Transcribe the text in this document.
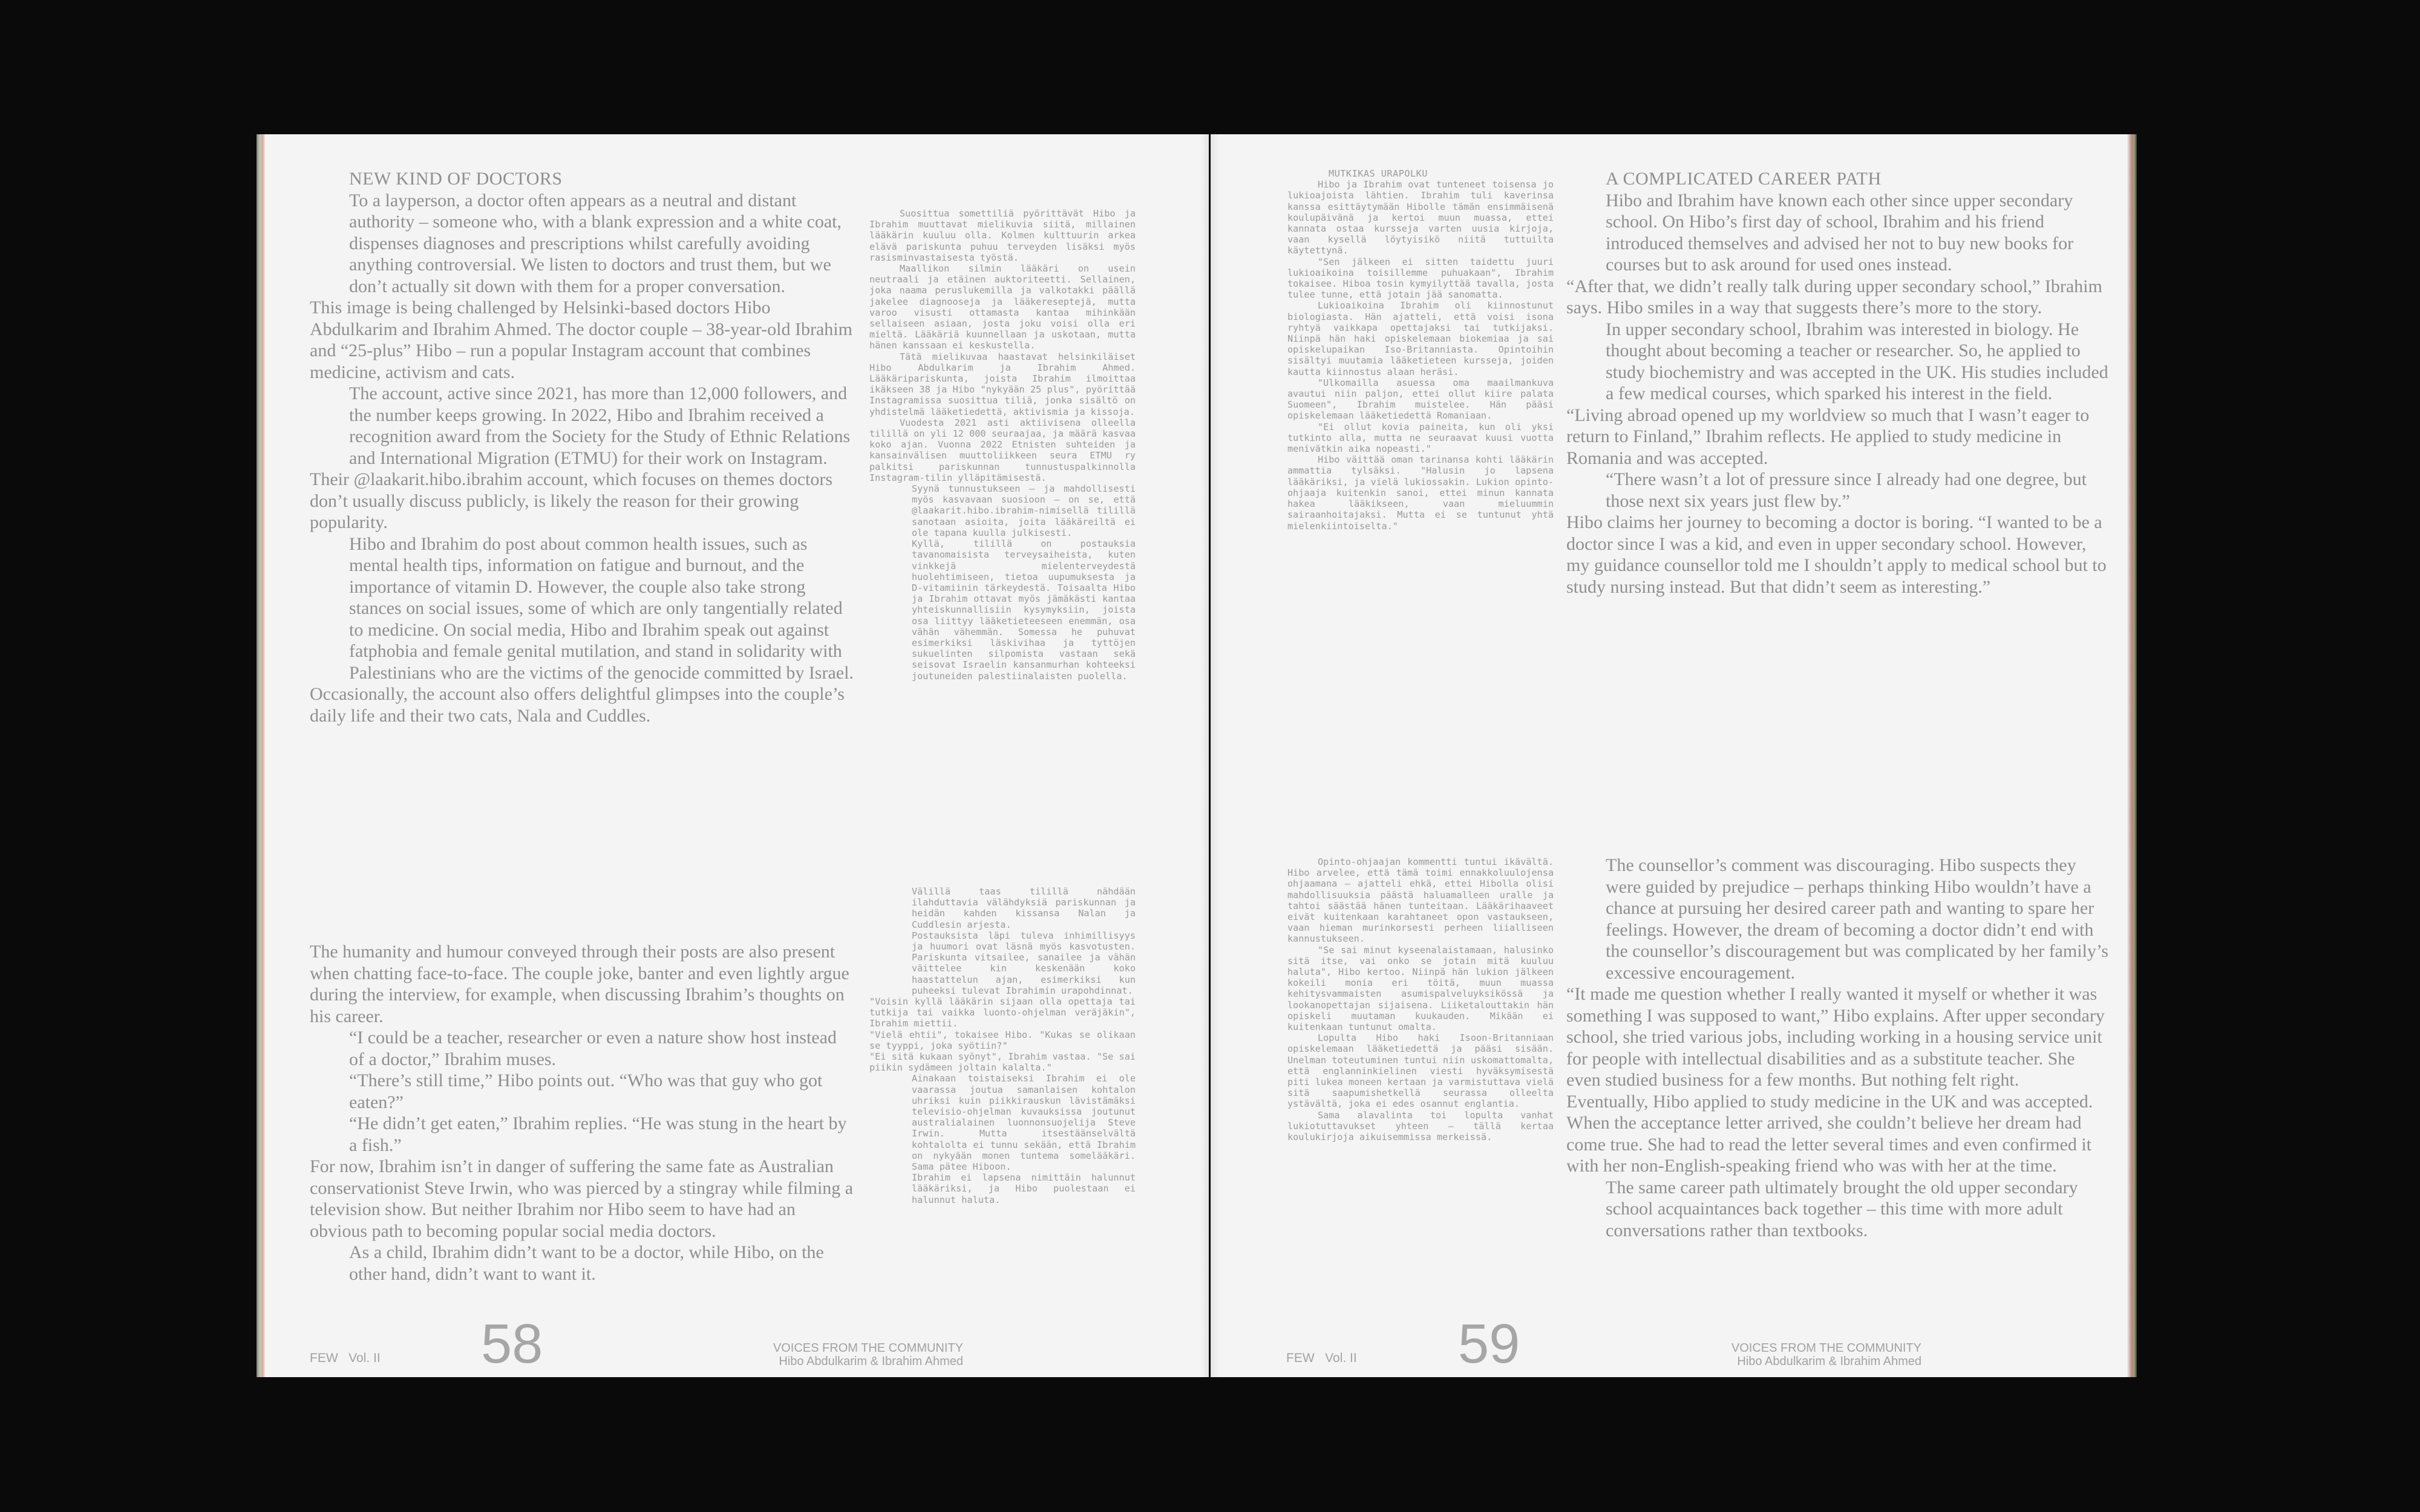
NEW KIND OF DOCTORS

To a layperson, a doctor often appears as a neutral and distant authority – someone who, with a blank expression and a white coat, dispenses diagnoses and prescriptions whilst carefully avoiding anything controversial. We listen to doctors and trust them, but we don’t actually sit down with them for a proper conversation.

This image is being challenged by Helsinki-based doctors Hibo Abdulkarim and Ibrahim Ahmed. The doctor couple – 38-year-old Ibrahim and “25-plus” Hibo – run a popular Instagram account that combines medicine, activism and cats.

The account, active since 2021, has more than 12,000 followers, and the number keeps growing. In 2022, Hibo and Ibrahim received a recognition award from the Society for the Study of Ethnic Relations and International Migration (ETMU) for their work on Instagram.

Their @laakarit.hibo.ibrahim account, which focuses on themes doctors don’t usually discuss publicly, is likely the reason for their growing popularity.

Hibo and Ibrahim do post about common health issues, such as mental health tips, information on fatigue and burnout, and the importance of vitamin D. However, the couple also take strong stances on social issues, some of which are only tangentially related to medicine. On social media, Hibo and Ibrahim speak out against fatphobia and female genital mutilation, and stand in solidarity with Palestinians who are the victims of the genocide committed by Israel.

Occasionally, the account also offers delightful glimpses into the couple’s daily life and their two cats, Nala and Cuddles.

Suosittua somettiliä pyörittävät Hibo ja Ibrahim muuttavat mielikuvia siitä, millainen lääkärin kuuluu olla. Kolmen kulttuurin arkea elävä pariskunta puhuu terveyden lisäksi myös rasisminvastaisesta työstä.

Maallikon silmin lääkäri on usein neutraali ja etäinen auktoriteetti. Sellainen, joka naama peruslukemilla ja valkotakki päällä jakelee diagnooseja ja lääkereseptejä, mutta varoo visusti ottamasta kantaa mihinkään sellaiseen asiaan, josta joku voisi olla eri mieltä. Lääkäriä kuunnellaan ja uskotaan, mutta hänen kanssaan ei keskustella.

Tätä mielikuvaa haastavat helsinkiläiset Hibo Abdulkarim ja Ibrahim Ahmed. Lääkäripariskunta, joista Ibrahim ilmoittaa ikäkseen 38 ja Hibo "nykyään 25 plus", pyörittää Instagramissa suosittua tiliä, jonka sisältö on yhdistelmä lääketiedettä, aktivismia ja kissoja.

Vuodesta 2021 asti aktiivisena olleella tilillä on yli 12 000 seuraajaa, ja määrä kasvaa koko ajan. Vuonna 2022 Etnisten suhteiden ja kansainvälisen muuttoliikkeen seura ETMU ry palkitsi pariskunnan tunnustuspalkinnolla Instagram-tilin ylläpitämisestä.

Syynä tunnustukseen – ja mahdollisesti myös kasvavaan suosioon – on se, että @laakarit.hibo.ibrahim-nimisellä tilillä sanotaan asioita, joita lääkäreiltä ei ole tapana kuulla julkisesti.

Kyllä, tilillä on postauksia tavanomaisista terveysaiheista, kuten vinkkejä mielenterveydestä huolehtimiseen, tietoa uupumuksesta ja D-vitamiinin tärkeydestä. Toisaalta Hibo ja Ibrahim ottavat myös jämäkästi kantaa yhteiskunnallisiin kysymyksiin, joista osa liittyy lääketieteeseen enemmän, osa vähän vähemmän. Somessa he puhuvat esimerkiksi läskivihaa ja tyttöjen sukuelinten silpomista vastaan sekä seisovat Israelin kansanmurhan kohteeksi joutuneiden palestiinalaisten puolella.

The humanity and humour conveyed through their posts are also present when chatting face-to-face. The couple joke, banter and even lightly argue during the interview, for example, when discussing Ibrahim’s thoughts on his career.

“I could be a teacher, researcher or even a nature show host instead of a doctor,” Ibrahim muses.

“There’s still time,” Hibo points out. “Who was that guy who got eaten?”

“He didn’t get eaten,” Ibrahim replies. “He was stung in the heart by a fish.”

For now, Ibrahim isn’t in danger of suffering the same fate as Australian conservationist Steve Irwin, who was pierced by a stingray while filming a television show. But neither Ibrahim nor Hibo seem to have had an obvious path to becoming popular social media doctors.

As a child, Ibrahim didn’t want to be a doctor, while Hibo, on the other hand, didn’t want to want it.

Välillä taas tilillä nähdään ilahduttavia välähdyksiä pariskunnan ja heidän kahden kissansa Nalan ja Cuddlesin arjesta.

Postauksista läpi tuleva inhimillisyys ja huumori ovat läsnä myös kasvotusten. Pariskunta vitsailee, sanailee ja vähän väittelee kin keskenään koko haastattelun ajan, esimerkiksi kun puheeksi tulevat Ibrahimin urapohdinnat.

"Voisin kyllä lääkärin sijaan olla opettaja tai tutkija tai vaikka luonto-ohjelman veräjäkin", Ibrahim miettii.

"Vielä ehtii", tokaisee Hibo. "Kukas se olikaan se tyyppi, joka syötiin?"

"Ei sitä kukaan syönyt", Ibrahim vastaa. "Se sai piikin sydämeen joltain kalalta."

Ainakaan toistaiseksi Ibrahim ei ole vaarassa joutua samanlaisen kohtalon uhriksi kuin piikkirauskun lävistämäksi televisio-ohjelman kuvauksissa joutunut australialainen luonnonsuojelija Steve Irwin. Mutta itsestäänselvältä kohtalolta ei tunnu sekään, että Ibrahim on nykyään monen tuntema somelääkäri. Sama pätee Hiboon.

Ibrahim ei lapsena nimittäin halunnut lääkäriksi, ja Hibo puolestaan ei halunnut haluta.

FEW Vol. II 58	VOICES FROM THE COMMUNITY
Hibo Abdulkarim & Ibrahim Ahmed

MUTKIKAS URAPOLKU

Hibo ja Ibrahim ovat tunteneet toisensa jo lukioajoista lähtien. Ibrahim tuli kaverinsa kanssa esittäytymään Hibolle tämän ensimmäisenä koulupäivänä ja kertoi muun muassa, ettei kannata ostaa kursseja varten uusia kirjoja, vaan kysellä löytyisikö niitä tuttuilta käytettynä.

"Sen jälkeen ei sitten taidettu juuri lukioaikoina toisillemme puhuakaan", Ibrahim tokaisee. Hiboa tosin kymyilyttää tavalla, josta tulee tunne, että jotain jää sanomatta.

Lukioaikoina Ibrahim oli kiinnostunut biologiasta. Hän ajatteli, että voisi isona ryhtyä vaikkapa opettajaksi tai tutkijaksi. Niinpä hän haki opiskelemaan biokemiaa ja sai opiskelupaikan Iso-Britanniasta. Opintoihin sisältyi muutamia lääketieteen kursseja, joiden kautta kiinnostus alaan heräsi.

"Ulkomailla asuessa oma maailmankuva avautui niin paljon, ettei ollut kiire palata Suomeen", Ibrahim muistelee. Hän pääsi opiskelemaan lääketiedettä Romaniaan.

"Ei ollut kovia paineita, kun oli yksi tutkinto alla, mutta ne seuraavat kuusi vuotta menivätkin aika nopeasti."

Hibo väittää oman tarinansa kohti lääkärin ammattia tylsäksi. "Halusin jo lapsena lääkäriksi, ja vielä lukiossakin. Lukion opinto-ohjaaja kuitenkin sanoi, ettei minun kannata hakea lääkikseen, vaan mieluummin sairaanhoitajaksi. Mutta ei se tuntunut yhtä mielenkiintoiselta."

A COMPLICATED CAREER PATH

Hibo and Ibrahim have known each other since upper secondary school. On Hibo’s first day of school, Ibrahim and his friend introduced themselves and advised her not to buy new books for courses but to ask around for used ones instead.

“After that, we didn’t really talk during upper secondary school,” Ibrahim says. Hibo smiles in a way that suggests there’s more to the story.

In upper secondary school, Ibrahim was interested in biology. He thought about becoming a teacher or researcher. So, he applied to study biochemistry and was accepted in the UK. His studies included a few medical courses, which sparked his interest in the field.

“Living abroad opened up my worldview so much that I wasn’t eager to return to Finland,” Ibrahim reflects. He applied to study medicine in Romania and was accepted.

“There wasn’t a lot of pressure since I already had one degree, but those next six years just flew by.”

Hibo claims her journey to becoming a doctor is boring. “I wanted to be a doctor since I was a kid, and even in upper secondary school. However, my guidance counsellor told me I shouldn’t apply to medical school but to study nursing instead. But that didn’t seem as interesting.”

Opinto-ohjaajan kommentti tuntui ikävältä. Hibo arvelee, että tämä toimi ennakkoluulojensa ohjaamana – ajatteli ehkä, ettei Hibolla olisi mahdollisuuksia päästä haluamalleen uralle ja tahtoi säästää hänen tunteitaan. Lääkärihaaveet eivät kuitenkaan karahtaneet opon vastaukseen, vaan hieman murinkorsesti perheen liialliseen kannustukseen.

"Se sai minut kyseenalaistamaan, halusinko sitä itse, vai onko se jotain mitä kuuluu haluta", Hibo kertoo. Niinpä hän lukion jälkeen kokeili monia eri töitä, muun muassa kehitysvammaisten asumispalveluyksikössä ja lookanopettajan sijaisena. Liiketalouttakin hän opiskeli muutaman kuukauden. Mikään ei kuitenkaan tuntunut omalta.

Lopulta Hibo haki Isoon-Britanniaan opiskelemaan lääketiedettä ja pääsi sisään. Unelman toteutuminen tuntui niin uskomattomalta, että englanninkielinen viesti hyväksymisestä piti lukea moneen kertaan ja varmistuttava vielä sitä saapumishetkellä seurassa olleelta ystävältä, joka ei edes osannut englantia.

Sama alavalinta toi lopulta vanhat lukiotuttavukset yhteen – tällä kertaa koulukirjoja aikuisemmissa merkeissä.

The counsellor’s comment was discouraging. Hibo suspects they were guided by prejudice – perhaps thinking Hibo wouldn’t have a chance at pursuing her desired career path and wanting to spare her feelings. However, the dream of becoming a doctor didn’t end with the counsellor’s discouragement but was complicated by her family’s excessive encouragement.

“It made me question whether I really wanted it myself or whether it was something I was supposed to want,” Hibo explains. After upper secondary school, she tried various jobs, including working in a housing service unit for people with intellectual disabilities and as a substitute teacher. She even studied business for a few months. But nothing felt right.

Eventually, Hibo applied to study medicine in the UK and was accepted. When the acceptance letter arrived, she couldn’t believe her dream had come true. She had to read the letter several times and even confirmed it with her non-English-speaking friend who was with her at the time.

The same career path ultimately brought the old upper secondary school acquaintances back together – this time with more adult conversations rather than textbooks.

FEW Vol. II 59	VOICES FROM THE COMMUNITY
Hibo Abdulkarim & Ibrahim Ahmed
